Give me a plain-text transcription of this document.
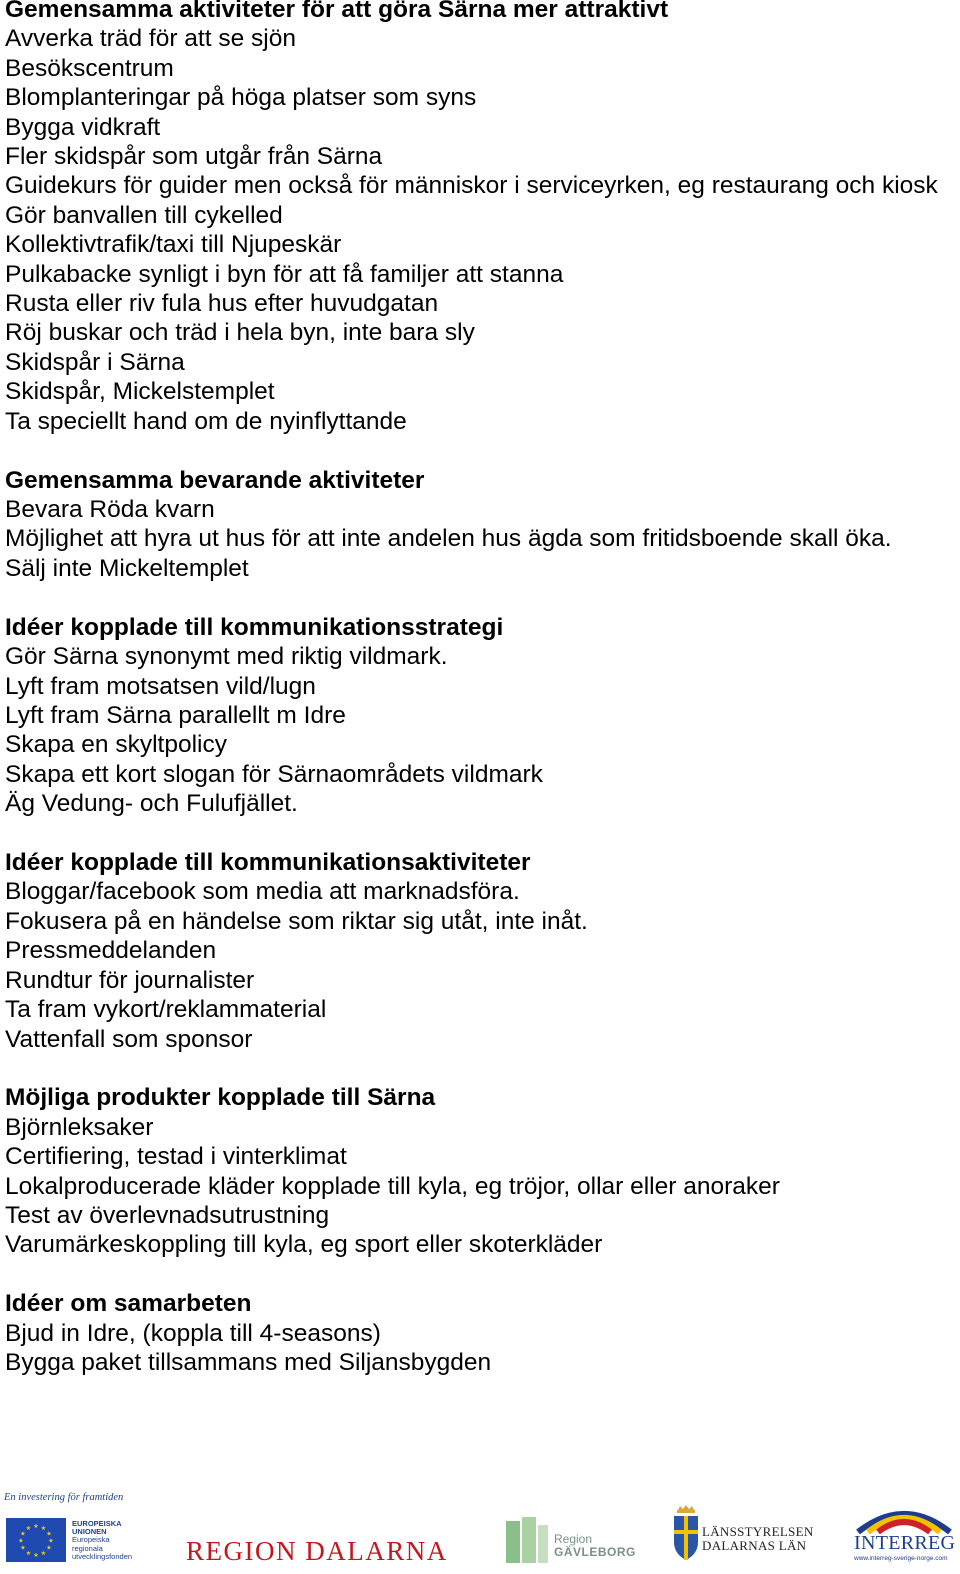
Gemensamma aktiviteter för att göra Särna mer attraktivt
Avverka träd för att se sjön
Besökscentrum
Blomplanteringar på höga platser som syns
Bygga vidkraft
Fler skidspår som utgår från Särna
Guidekurs för guider men också för människor i serviceyrken, eg restaurang och kiosk
Gör banvallen till cykelled
Kollektivtrafik/taxi till Njupeskär
Pulkabacke synligt i byn för att få familjer att stanna
Rusta eller riv fula hus efter huvudgatan
Röj buskar och träd i hela byn, inte bara sly
Skidspår i Särna
Skidspår, Mickelstemplet
Ta speciellt hand om de nyinflyttande
Gemensamma bevarande aktiviteter
Bevara Röda kvarn
Möjlighet att hyra ut hus för att inte andelen hus ägda som fritidsboende skall öka.
Sälj inte Mickeltemplet
Idéer kopplade till kommunikationsstrategi
Gör Särna synonymt med riktig vildmark.
Lyft fram motsatsen vild/lugn
Lyft fram Särna parallellt m Idre
Skapa en skyltpolicy
Skapa ett kort slogan för Särnaområdets vildmark
Äg Vedung- och Fulufjället.
Idéer kopplade till kommunikationsaktiviteter
Bloggar/facebook som media att marknadsföra.
Fokusera på en händelse som riktar sig utåt, inte inåt.
Pressmeddelanden
Rundtur för journalister
Ta fram vykort/reklammaterial
Vattenfall som sponsor
Möjliga produkter kopplade till Särna
Björnleksaker
Certifiering, testad i vinterklimat
Lokalproducerade kläder kopplade till kyla, eg tröjor, ollar eller anoraker
Test av överlevnadsutrustning
Varumärkeskoppling till kyla, eg sport eller skoterkläder
Idéer om samarbeten
Bjud in Idre, (koppla till 4-seasons)
Bygga paket tillsammans med Siljansbygden
En investering för framtiden
★ ★
★
★
★
★
★
★
★
★
★
★
EUROPEISKA
UNIONEN
Europeiska
regionala
utvecklingsfonden REGION DALARNA	Region
GÄVLEBORG
LÄNSSTYRELSEN
DALARNAS LÄN	INTERREG
www.interreg-sverige-norge.com
